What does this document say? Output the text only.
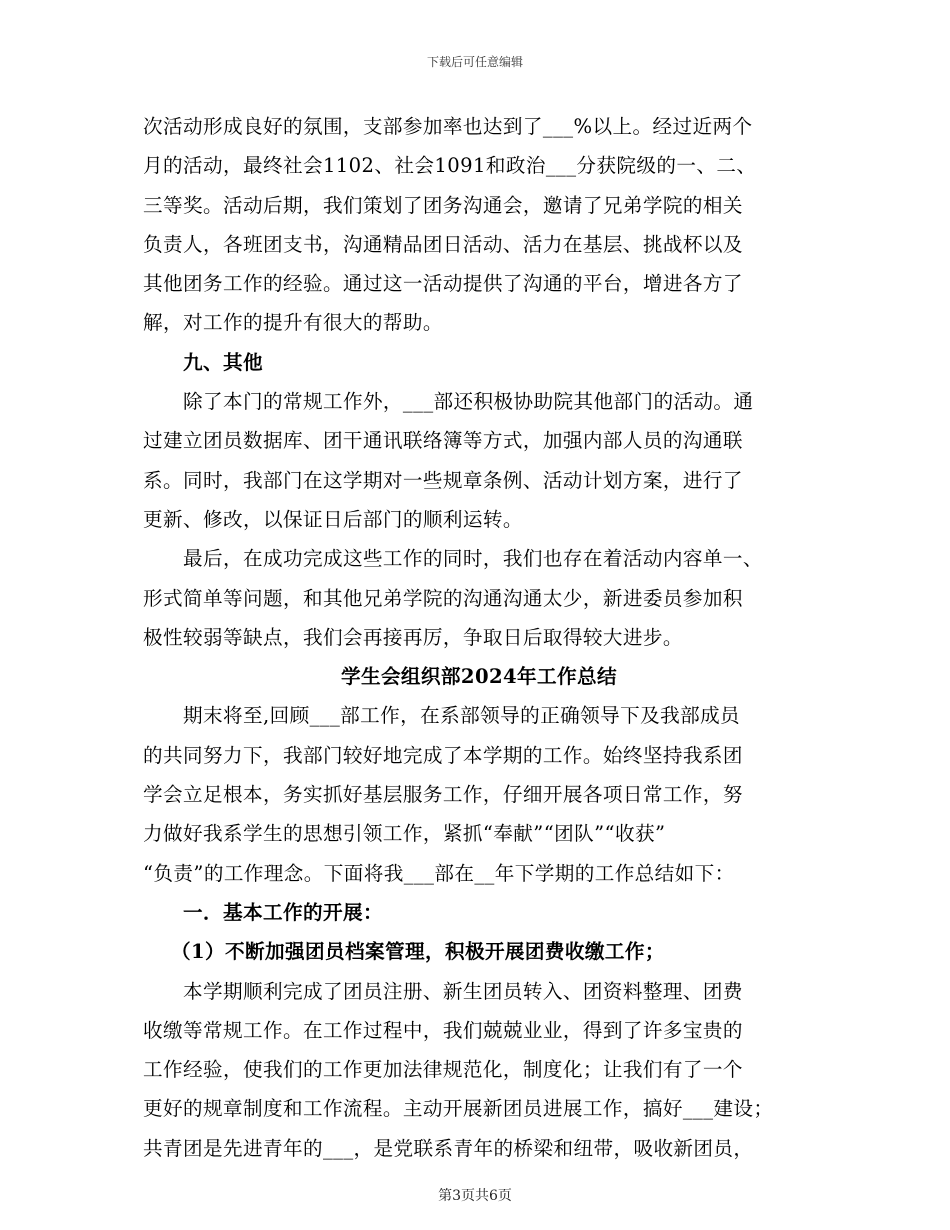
下载后可任意编辑
次活动形成良好的氛围，支部参加率也达到了___%以上。经过近两个
月的活动，最终社会1102、社会1091和政治___分获院级的一、二、
三等奖。活动后期，我们策划了团务沟通会，邀请了兄弟学院的相关
负责人，各班团支书，沟通精品团日活动、活力在基层、挑战杯以及
其他团务工作的经验。通过这一活动提供了沟通的平台，增进各方了
解，对工作的提升有很大的帮助。
九、其他
除了本门的常规工作外，___部还积极协助院其他部门的活动。通
过建立团员数据库、团干通讯联络簿等方式，加强内部人员的沟通联
系。同时，我部门在这学期对一些规章条例、活动计划方案，进行了
更新、修改，以保证日后部门的顺利运转。
最后，在成功完成这些工作的同时，我们也存在着活动内容单一、
形式简单等问题，和其他兄弟学院的沟通沟通太少，新进委员参加积
极性较弱等缺点，我们会再接再厉，争取日后取得较大进步。
学生会组织部2024年工作总结
期末将至,回顾___部工作，在系部领导的正确领导下及我部成员
的共同努力下，我部门较好地完成了本学期的工作。始终坚持我系团
学会立足根本，务实抓好基层服务工作，仔细开展各项日常工作，努
力做好我系学生的思想引领工作，紧抓“奉献”“团队”“收获”
“负责”的工作理念。下面将我___部在__年下学期的工作总结如下：
一．基本工作的开展：
（1）不断加强团员档案管理，积极开展团费收缴工作；
本学期顺利完成了团员注册、新生团员转入、团资料整理、团费
收缴等常规工作。在工作过程中，我们兢兢业业，得到了许多宝贵的
工作经验，使我们的工作更加法律规范化，制度化；让我们有了一个
更好的规章制度和工作流程。主动开展新团员进展工作，搞好___建设；
共青团是先进青年的___，是党联系青年的桥梁和纽带，吸收新团员，
第3页共6页
